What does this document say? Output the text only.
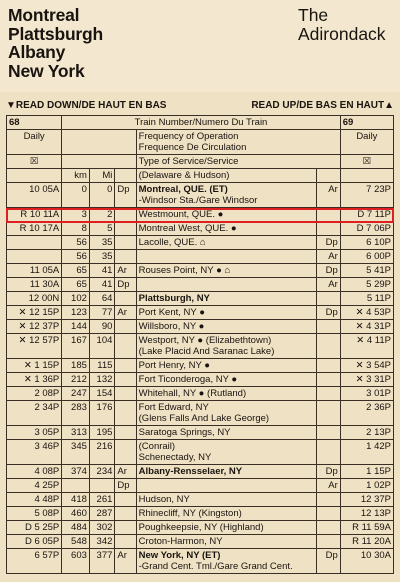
Montreal
Plattsburgh
Albany
New York
The
Adirondack
▼READ DOWN/DE HAUT EN BAS	READ UP/DE BAS EN HAUT▲
68	Train Number/Numero Du Train					69
Daily				Frequency of Operation
Frequence De Circulation		Daily
☒				Type of Service/Service		☒
	km	Mi		(Delaware & Hudson)		

10 05A	0	0	Dp	Montreal, QUE. (ET)
-Windsor Sta./Gare Windsor	Ar	7 23P
R 10 11A	3	2		Westmount, QUE. ●		D 7 11P
R 10 17A	8	5		Montreal West, QUE. ●		D 7 06P
	56	35		Lacolle, QUE. ⌂	Dp	6 10P
	56	35			Ar	6 00P
11 05A	65	41	Ar	Rouses Point, NY ● ⌂	Dp	5 41P
11 30A	65	41	Dp		Ar	5 29P
12 00N	102	64		Plattsburgh, NY		5 11P
✕ 12 15P	123	77	Ar	Port Kent, NY ●	Dp	✕ 4 53P
✕ 12 37P	144	90		Willsboro, NY ●		✕ 4 31P
✕ 12 57P	167	104		Westport, NY ● (Elizabethtown)
(Lake Placid And Saranac Lake)		✕ 4 11P
✕ 1 15P	185	115		Port Henry, NY ●		✕ 3 54P
✕ 1 36P	212	132		Fort Ticonderoga, NY ●		✕ 3 31P
2 08P	247	154		Whitehall, NY ● (Rutland)		3 01P
2 34P	283	176		Fort Edward, NY
(Glens Falls And Lake George)		2 36P
3 05P	313	195		Saratoga Springs, NY		2 13P
3 46P	345	216		(Conrail)
Schenectady, NY		1 42P
4 08P	374	234	Ar	Albany-Rensselaer, NY	Dp	1 15P
4 25P			Dp		Ar	1 02P
4 48P	418	261		Hudson, NY		12 37P
5 08P	460	287		Rhinecliff, NY (Kingston)		12 13P
D 5 25P	484	302		Poughkeepsie, NY (Highland)		R 11 59A
D 6 05P	548	342		Croton-Harmon, NY		R 11 20A
6 57P	603	377	Ar	New York, NY (ET)
-Grand Cent. Tml./Gare Grand Cent.	Dp	10 30A
